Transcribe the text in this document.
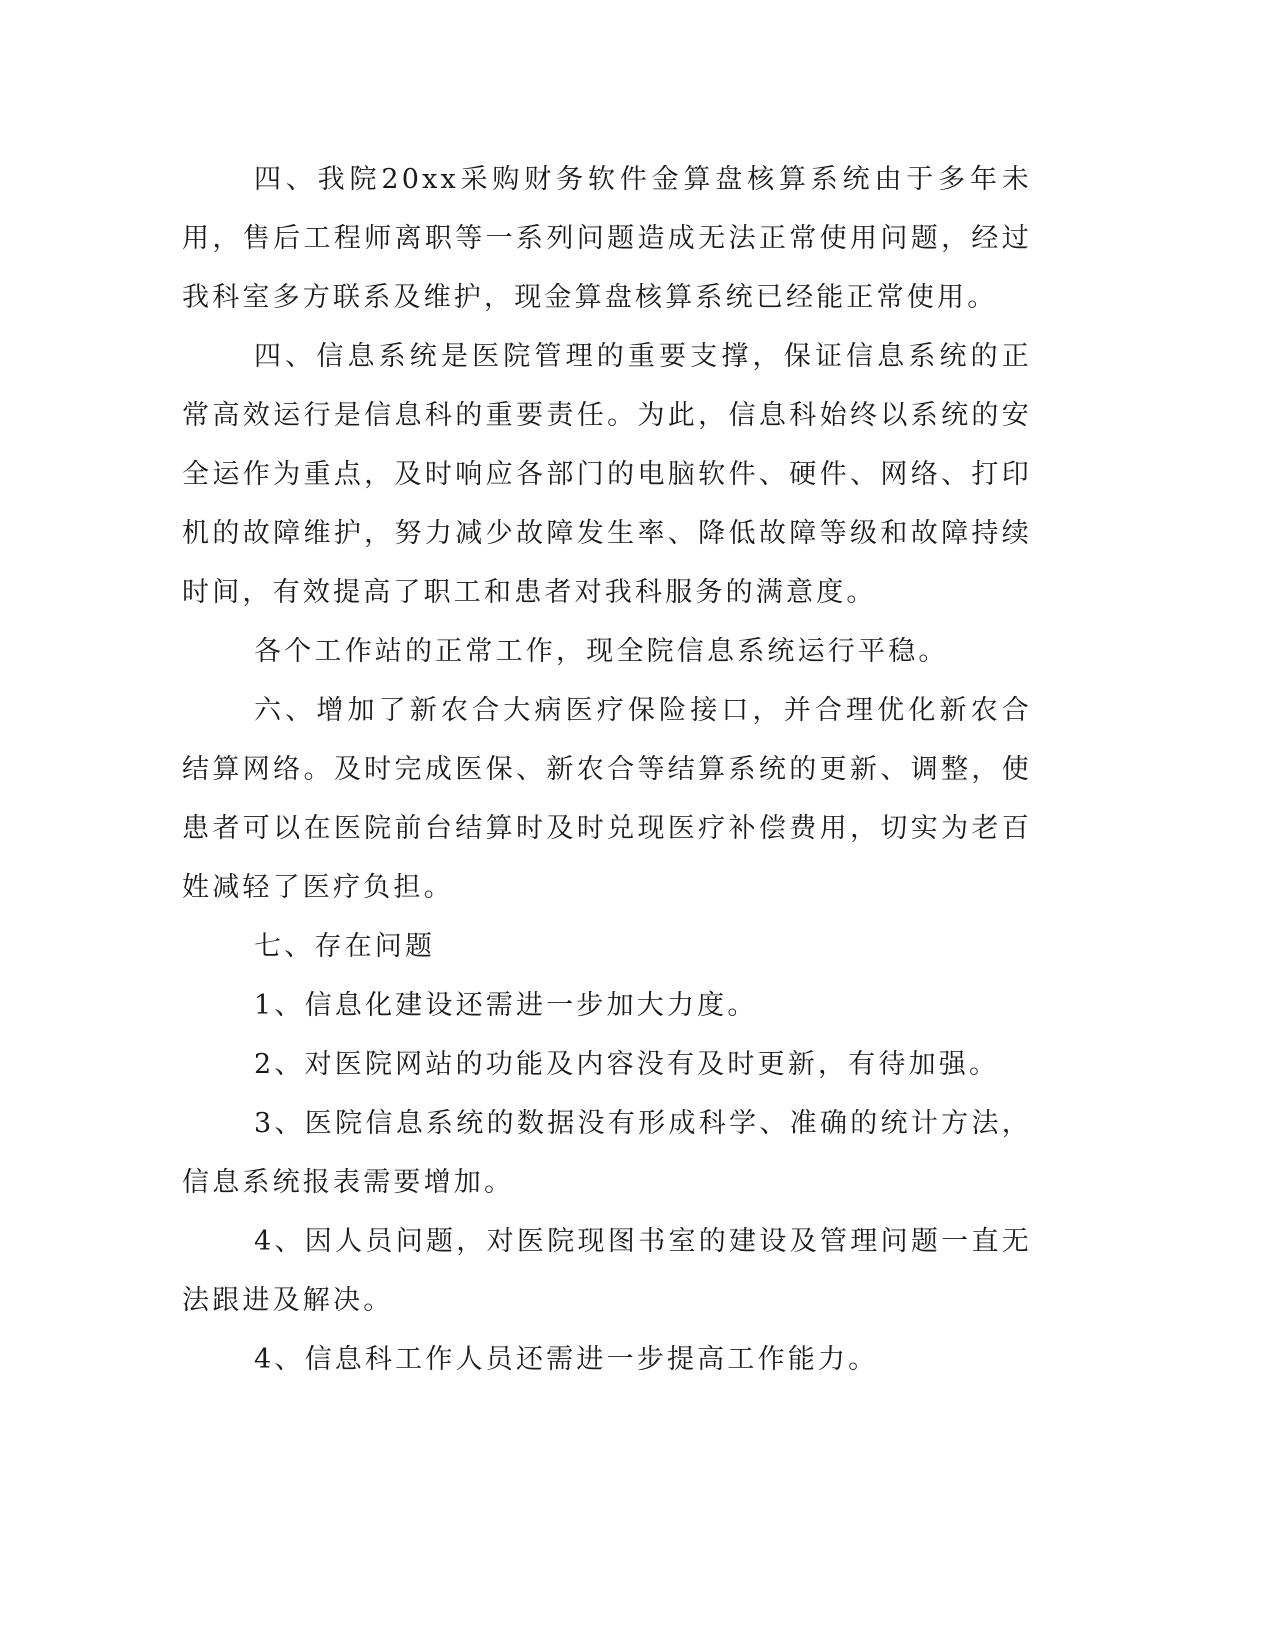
四、我院20xx采购财务软件金算盘核算系统由于多年未用，售后工程师离职等一系列问题造成无法正常使用问题，经过我科室多方联系及维护，现金算盘核算系统已经能正常使用。

四、信息系统是医院管理的重要支撑，保证信息系统的正常高效运行是信息科的重要责任。为此，信息科始终以系统的安全运作为重点，及时响应各部门的电脑软件、硬件、网络、打印机的故障维护，努力减少故障发生率、降低故障等级和故障持续时间，有效提高了职工和患者对我科服务的满意度。

各个工作站的正常工作，现全院信息系统运行平稳。

六、增加了新农合大病医疗保险接口，并合理优化新农合结算网络。及时完成医保、新农合等结算系统的更新、调整，使患者可以在医院前台结算时及时兑现医疗补偿费用，切实为老百姓减轻了医疗负担。

七、存在问题

1、信息化建设还需进一步加大力度。

2、对医院网站的功能及内容没有及时更新，有待加强。

3、医院信息系统的数据没有形成科学、准确的统计方法，信息系统报表需要增加。

4、因人员问题，对医院现图书室的建设及管理问题一直无法跟进及解决。

4、信息科工作人员还需进一步提高工作能力。
